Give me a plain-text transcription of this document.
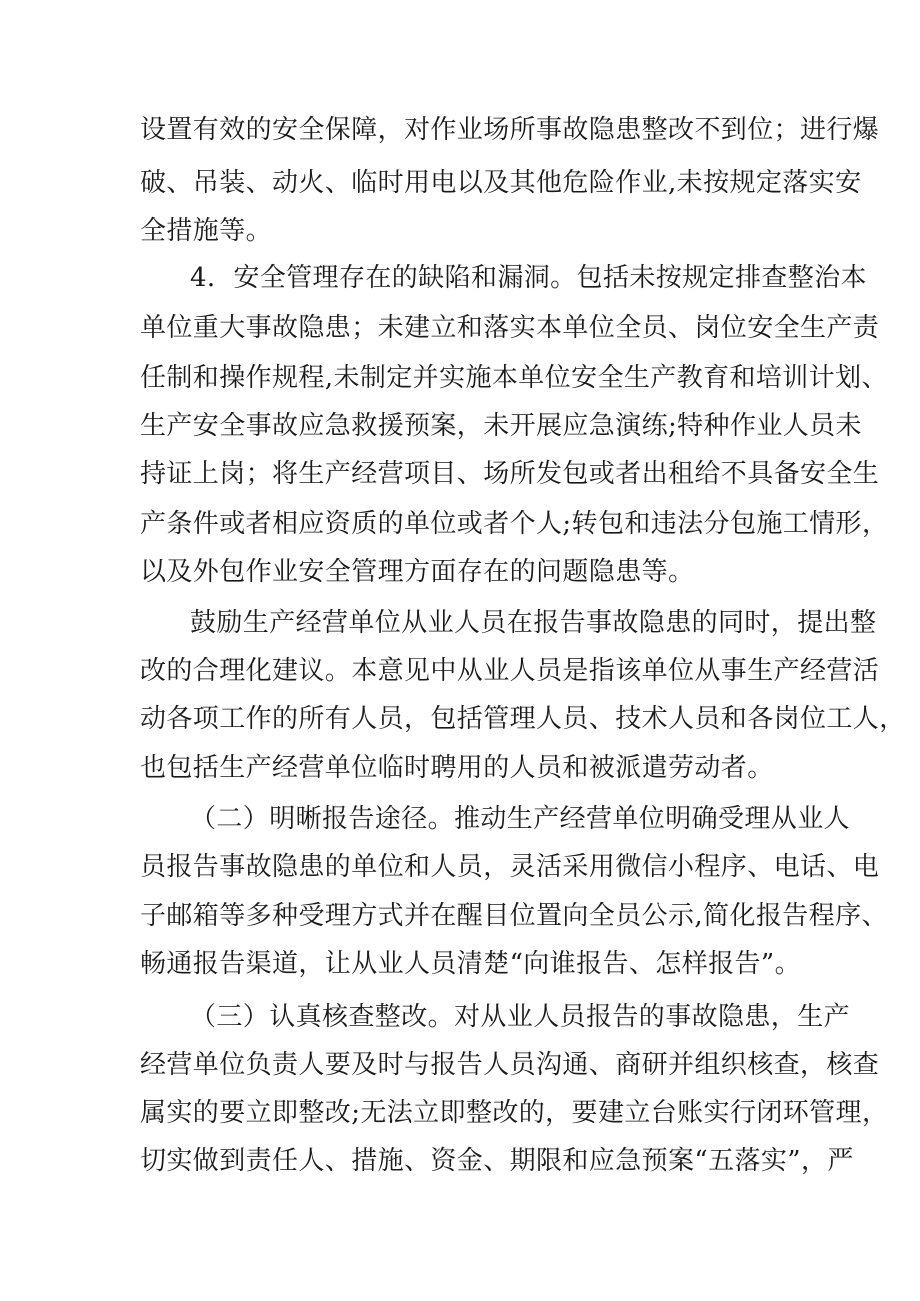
设置有效的安全保障，对作业场所事故隐患整改不到位；进行爆
破、吊装、动火、临时用电以及其他危险作业,未按规定落实安
全措施等。
4．安全管理存在的缺陷和漏洞。包括未按规定排查整治本
单位重大事故隐患；未建立和落实本单位全员、岗位安全生产责
任制和操作规程,未制定并实施本单位安全生产教育和培训计划、
生产安全事故应急救援预案，未开展应急演练;特种作业人员未
持证上岗；将生产经营项目、场所发包或者出租给不具备安全生
产条件或者相应资质的单位或者个人;转包和违法分包施工情形，
以及外包作业安全管理方面存在的问题隐患等。
鼓励生产经营单位从业人员在报告事故隐患的同时，提出整
改的合理化建议。本意见中从业人员是指该单位从事生产经营活
动各项工作的所有人员，包括管理人员、技术人员和各岗位工人，
也包括生产经营单位临时聘用的人员和被派遣劳动者。
（二）明晰报告途径。推动生产经营单位明确受理从业人
员报告事故隐患的单位和人员，灵活采用微信小程序、电话、电
子邮箱等多种受理方式并在醒目位置向全员公示,简化报告程序、
畅通报告渠道，让从业人员清楚“向谁报告、怎样报告”。
（三）认真核查整改。对从业人员报告的事故隐患，生产
经营单位负责人要及时与报告人员沟通、商研并组织核查，核查
属实的要立即整改;无法立即整改的，要建立台账实行闭环管理，
切实做到责任人、措施、资金、期限和应急预案“五落实”，严
